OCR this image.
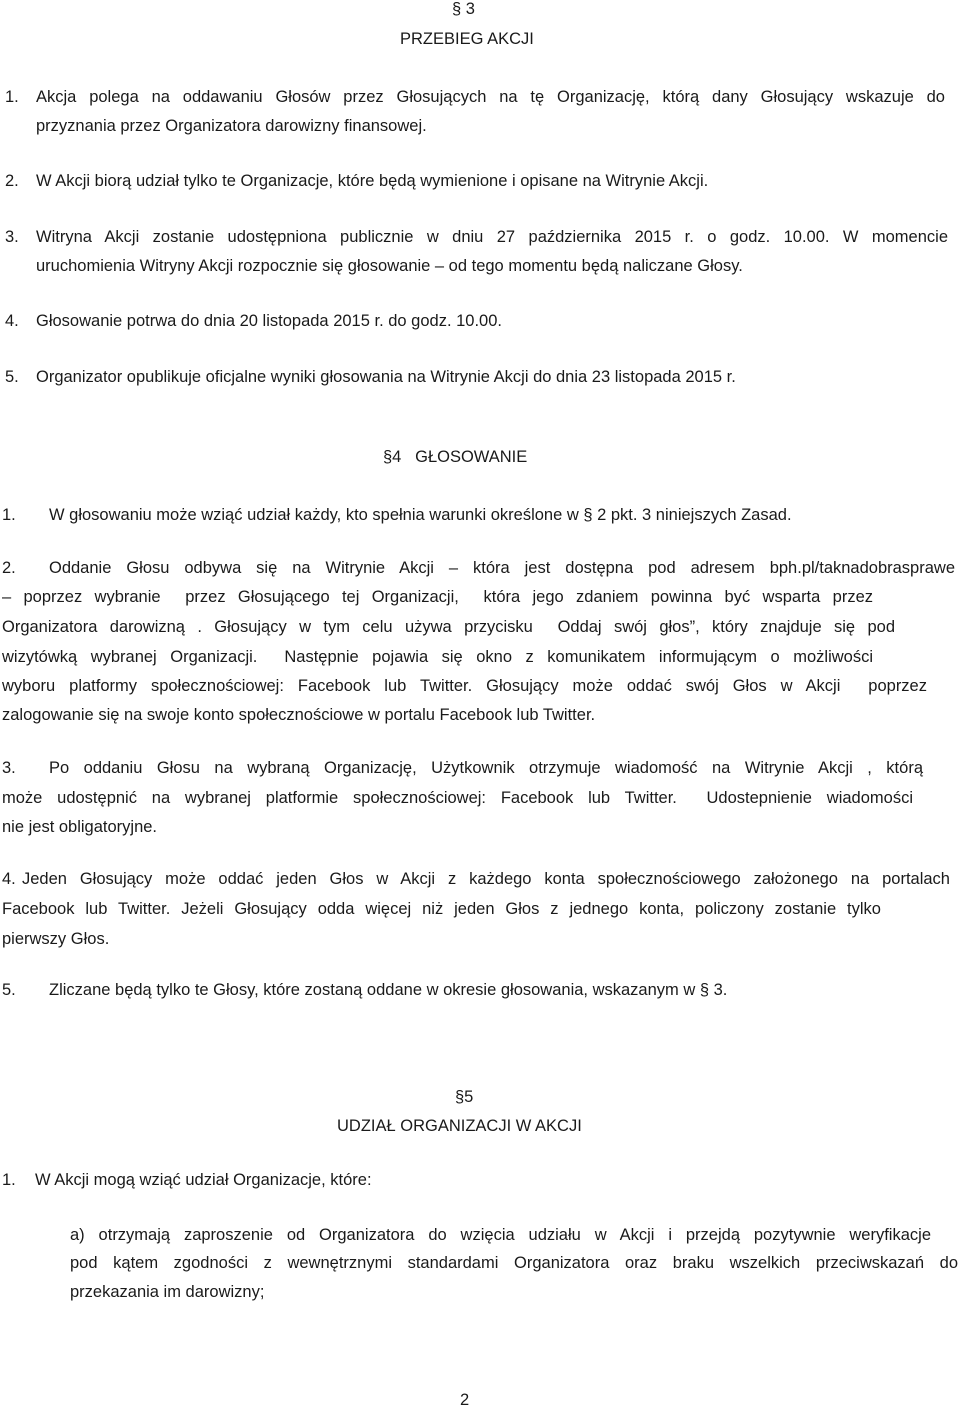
§ 3
PRZEBIEG AKCJI
1. Akcja polega na oddawaniu Głosów przez Głosujących na tę Organizację, którą dany Głosujący wskazuje do
przyznania przez Organizatora darowizny finansowej.
2. W Akcji biorą udział tylko te Organizacje, które będą wymienione i opisane na Witrynie Akcji.
3. Witryna Akcji zostanie udostępniona publicznie w dniu 27 października 2015 r. o godz. 10.00. W momencie
uruchomienia Witryny Akcji rozpocznie się głosowanie – od tego momentu będą naliczane Głosy.
4. Głosowanie potrwa do dnia 20 listopada 2015 r. do godz. 10.00.
5. Organizator opublikuje oficjalne wyniki głosowania na Witrynie Akcji do dnia 23 listopada 2015 r.
§4   GŁOSOWANIE
1. W głosowaniu może wziąć udział każdy, kto spełnia warunki określone w § 2 pkt. 3 niniejszych Zasad.
2. Oddanie Głosu odbywa się na Witrynie Akcji – która jest dostępna pod adresem bph.pl/taknadobrasprawe
– poprzez wybranie  przez Głosującego tej Organizacji,  która jego zdaniem powinna być wsparta przez
Organizatora darowizną . Głosujący w tym celu używa przycisku  Oddaj swój głos”, który znajduje się pod
wizytówką wybranej Organizacji.  Następnie pojawia się okno z komunikatem informującym o możliwości
wyboru platformy społecznościowej: Facebook lub Twitter. Głosujący może oddać swój Głos w Akcji  poprzez
zalogowanie się na swoje konto społecznościowe w portalu Facebook lub Twitter.
3. Po oddaniu Głosu na wybraną Organizację, Użytkownik otrzymuje wiadomość na Witrynie Akcji , którą
może udostępnić na wybranej platformie społecznościowej: Facebook lub Twitter.  Udostepnienie wiadomości
nie jest obligatoryjne.
4. Jeden Głosujący może oddać jeden Głos w Akcji z każdego konta społecznościowego założonego na portalach
Facebook lub Twitter. Jeżeli Głosujący odda więcej niż jeden Głos z jednego konta, policzony zostanie tylko
pierwszy Głos.
5. Zliczane będą tylko te Głosy, które zostaną oddane w okresie głosowania, wskazanym w § 3.
§5
UDZIAŁ ORGANIZACJI W AKCJI
1. W Akcji mogą wziąć udział Organizacje, które:
a) otrzymają zaproszenie od Organizatora do wzięcia udziału w Akcji i przejdą pozytywnie weryfikacje
pod kątem zgodności z wewnętrznymi standardami Organizatora oraz braku wszelkich przeciwskazań do
przekazania im darowizny;
2
